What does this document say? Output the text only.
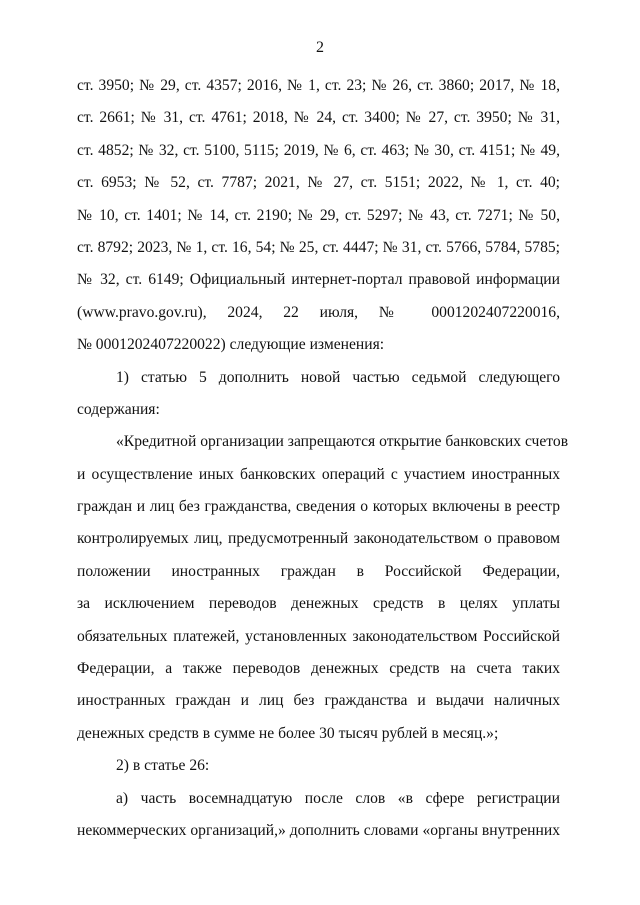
2
ст. 3950; № 29, ст. 4357; 2016, № 1, ст. 23; № 26, ст. 3860; 2017, № 18,
ст. 2661; № 31, ст. 4761; 2018, № 24, ст. 3400; № 27, ст. 3950; № 31,
ст. 4852; № 32, ст. 5100, 5115; 2019, № 6, ст. 463; № 30, ст. 4151; № 49,
ст. 6953; № 52, ст. 7787; 2021, № 27, ст. 5151; 2022, № 1, ст. 40;
№ 10, ст. 1401; № 14, ст. 2190; № 29, ст. 5297; № 43, ст. 7271; № 50,
ст. 8792; 2023, № 1, ст. 16, 54; № 25, ст. 4447; № 31, ст. 5766, 5784, 5785;
№ 32, ст. 6149; Официальный интернет-портал правовой информации
(www.pravo.gov.ru), 2024, 22 июля, № 0001202407220016,
№ 0001202407220022) следующие изменения:
1) статью 5 дополнить новой частью седьмой следующего
содержания:
«Кредитной организации запрещаются открытие банковских счетов
и осуществление иных банковских операций с участием иностранных
граждан и лиц без гражданства, сведения о которых включены в реестр
контролируемых лиц, предусмотренный законодательством о правовом
положении иностранных граждан в Российской Федерации,
за исключением переводов денежных средств в целях уплаты
обязательных платежей, установленных законодательством Российской
Федерации, а также переводов денежных средств на счета таких
иностранных граждан и лиц без гражданства и выдачи наличных
денежных средств в сумме не более 30 тысяч рублей в месяц.»;
2) в статье 26:
а) часть восемнадцатую после слов «в сфере регистрации
некоммерческих организаций,» дополнить словами «органы внутренних
